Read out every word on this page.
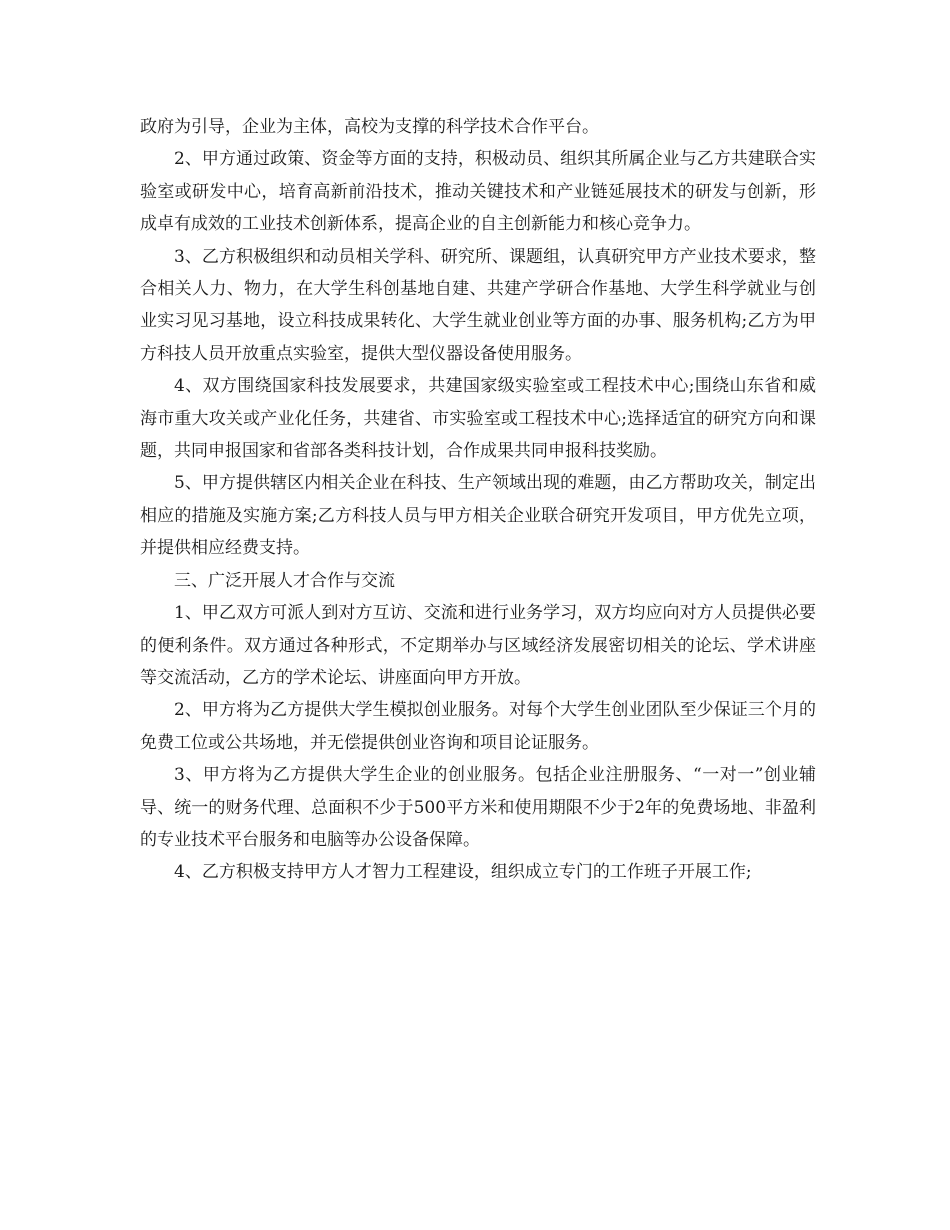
政府为引导，企业为主体，高校为支撑的科学技术合作平台。

2、甲方通过政策、资金等方面的支持，积极动员、组织其所属企业与乙方共建联合实验室或研发中心，培育高新前沿技术，推动关键技术和产业链延展技术的研发与创新，形成卓有成效的工业技术创新体系，提高企业的自主创新能力和核心竞争力。

3、乙方积极组织和动员相关学科、研究所、课题组，认真研究甲方产业技术要求，整合相关人力、物力，在大学生科创基地自建、共建产学研合作基地、大学生科学就业与创业实习见习基地，设立科技成果转化、大学生就业创业等方面的办事、服务机构;乙方为甲方科技人员开放重点实验室，提供大型仪器设备使用服务。

4、双方围绕国家科技发展要求，共建国家级实验室或工程技术中心;围绕山东省和威海市重大攻关或产业化任务，共建省、市实验室或工程技术中心;选择适宜的研究方向和课题，共同申报国家和省部各类科技计划，合作成果共同申报科技奖励。

5、甲方提供辖区内相关企业在科技、生产领域出现的难题，由乙方帮助攻关，制定出相应的措施及实施方案;乙方科技人员与甲方相关企业联合研究开发项目，甲方优先立项，并提供相应经费支持。

三、广泛开展人才合作与交流

1、甲乙双方可派人到对方互访、交流和进行业务学习，双方均应向对方人员提供必要的便利条件。双方通过各种形式，不定期举办与区域经济发展密切相关的论坛、学术讲座等交流活动，乙方的学术论坛、讲座面向甲方开放。

2、甲方将为乙方提供大学生模拟创业服务。对每个大学生创业团队至少保证三个月的免费工位或公共场地，并无偿提供创业咨询和项目论证服务。

3、甲方将为乙方提供大学生企业的创业服务。包括企业注册服务、“一对一”创业辅导、统一的财务代理、总面积不少于500平方米和使用期限不少于2年的免费场地、非盈利的专业技术平台服务和电脑等办公设备保障。

4、乙方积极支持甲方人才智力工程建设，组织成立专门的工作班子开展工作;
